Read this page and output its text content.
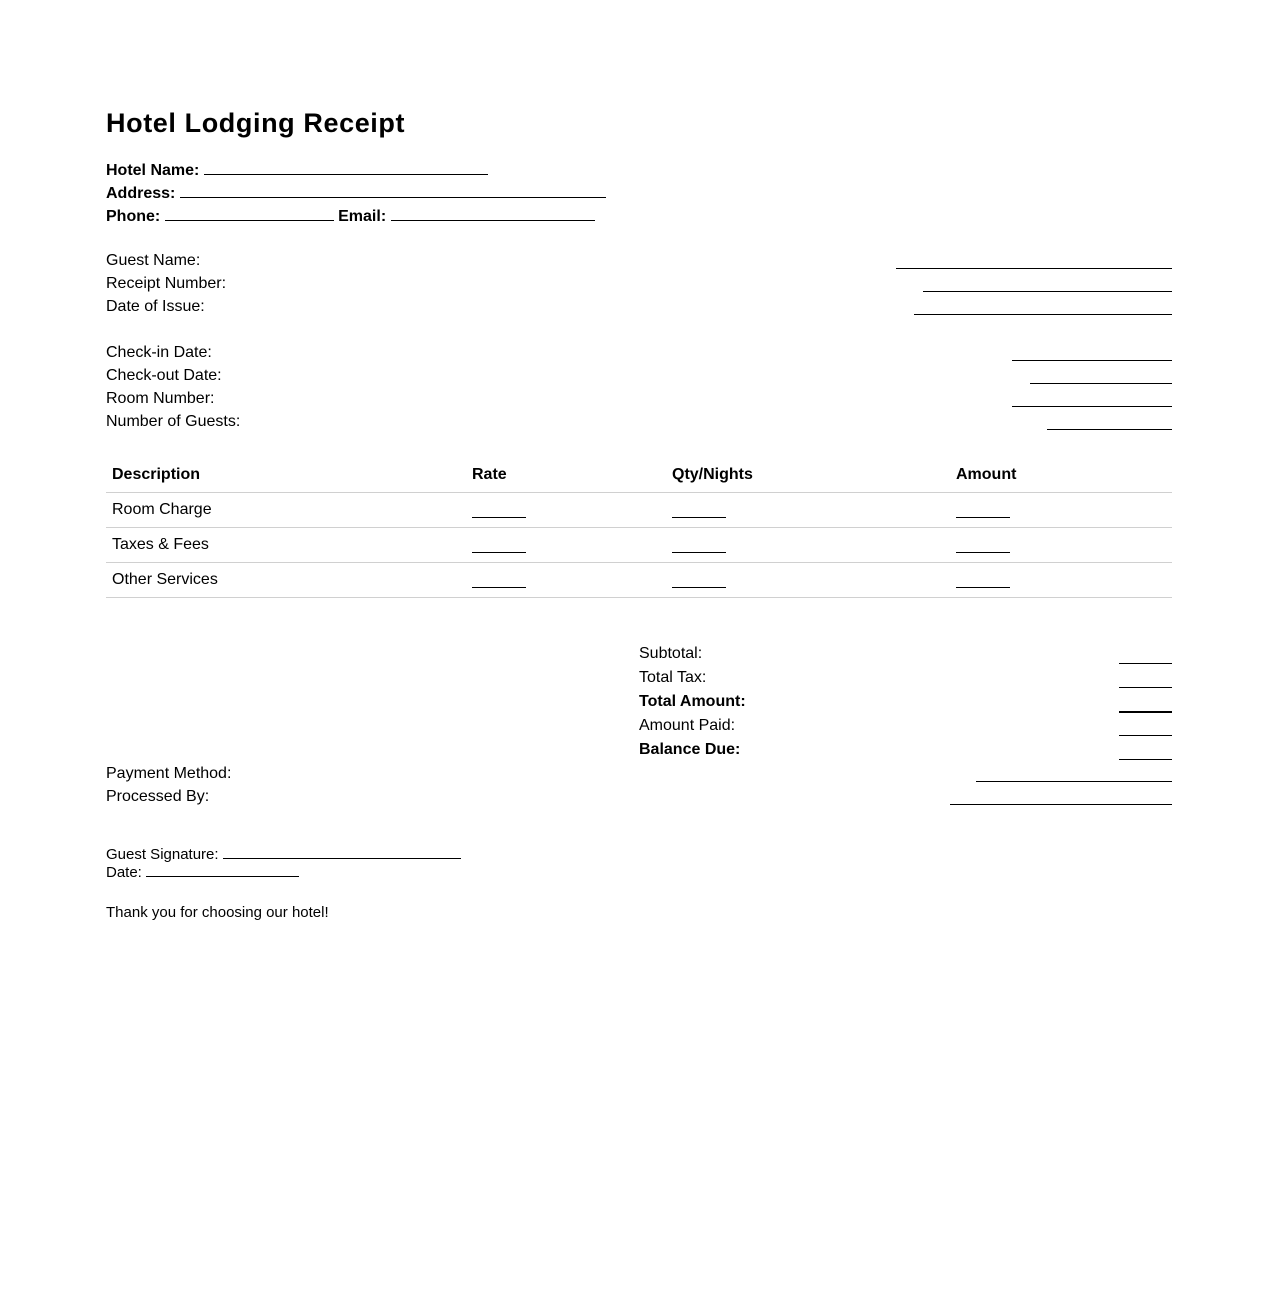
Hotel Lodging Receipt
Hotel Name:
Address:
Phone:	Email:
Guest Name:
Receipt Number:
Date of Issue:
Check-in Date:
Check-out Date:
Room Number:
Number of Guests:
Description	Rate	Qty/Nights	Amount
Room Charge			
Taxes & Fees			
Other Services			
Subtotal:
Total Tax:
Total Amount:
Amount Paid:
Balance Due:
Payment Method:
Processed By:
Guest Signature:
Date:
Thank you for choosing our hotel!
